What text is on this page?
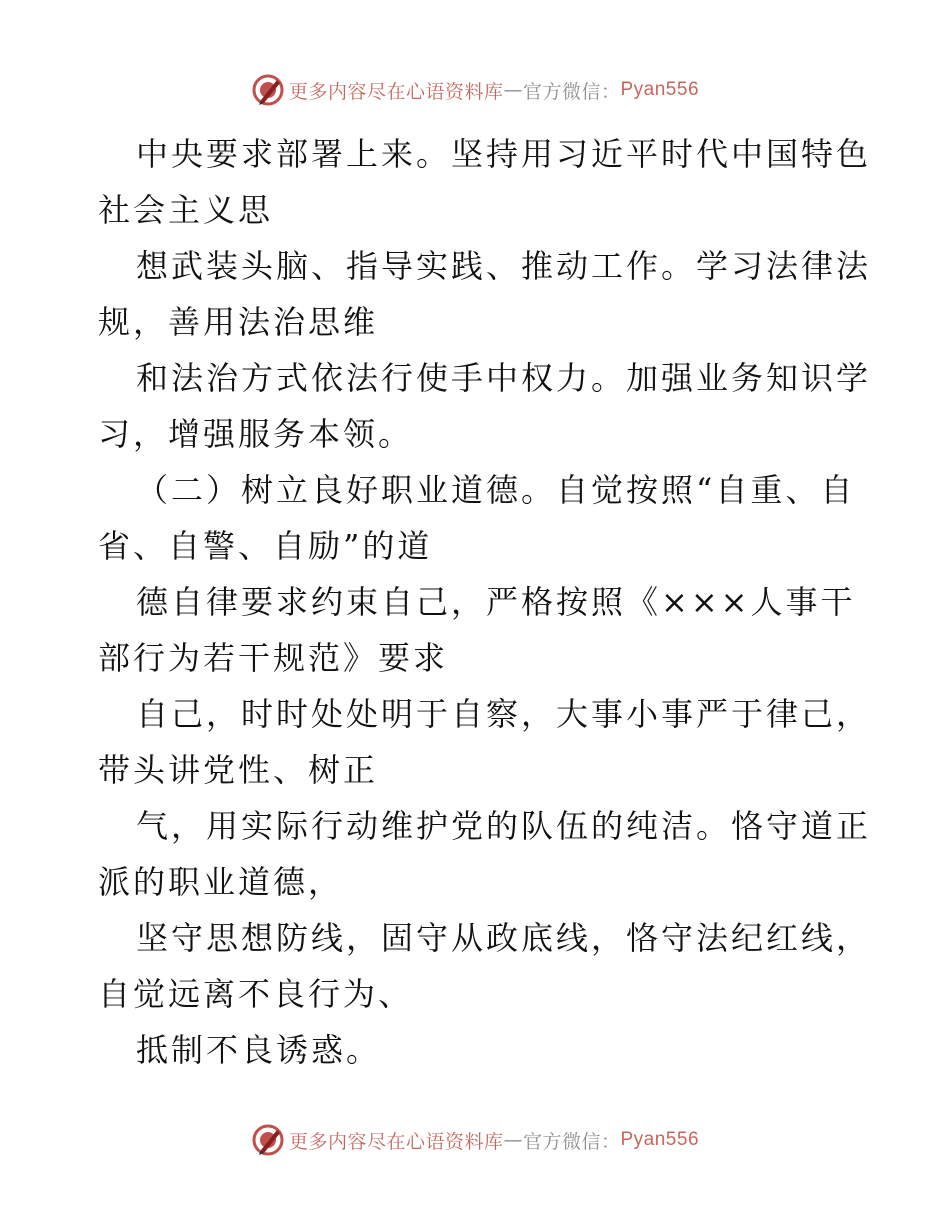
更多内容尽在心语资料库 — 官方微信： Pyan556
中央要求部署上来。坚持用习近平时代中国特色
社会主义思
想武装头脑、指导实践、推动工作。学习法律法
规，善用法治思维
和法治方式依法行使手中权力。加强业务知识学
习，增强服务本领。
（二）树立良好职业道德。自觉按照“自重、自
省、自警、自励”的道
德自律要求约束自己，严格按照《×××人事干
部行为若干规范》要求
自己，时时处处明于自察，大事小事严于律己，
带头讲党性、树正
气，用实际行动维护党的队伍的纯洁。恪守道正
派的职业道德，
坚守思想防线，固守从政底线，恪守法纪红线，
自觉远离不良行为、
抵制不良诱惑。
更多内容尽在心语资料库 — 官方微信： Pyan556
